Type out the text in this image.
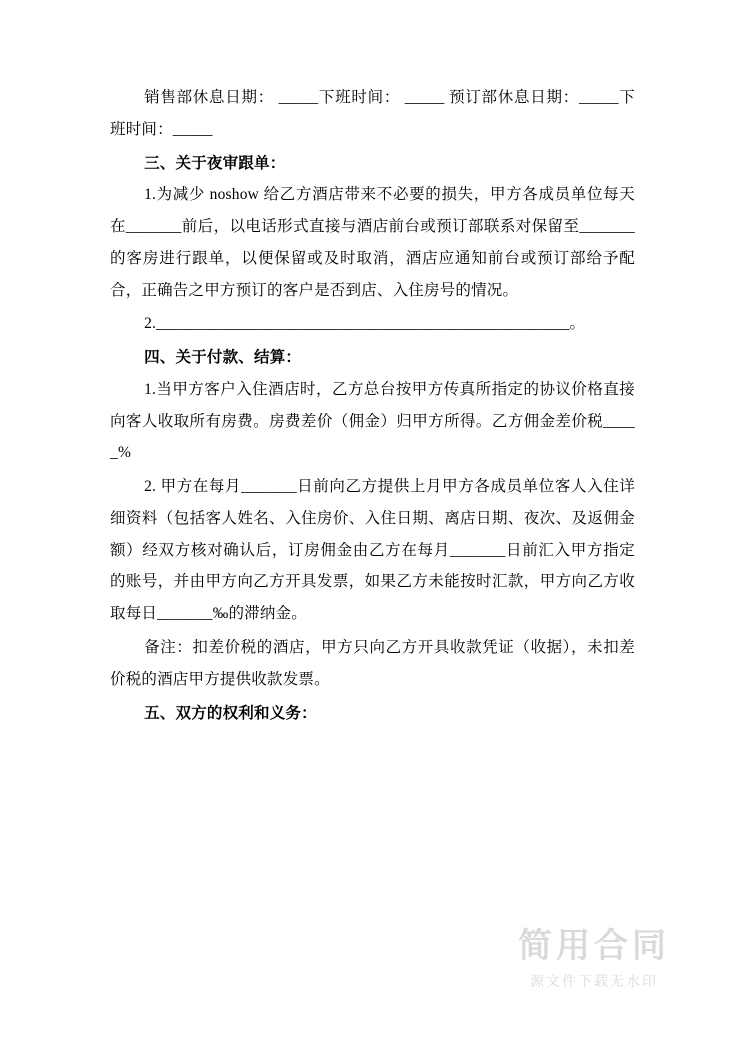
销售部休息日期： _____下班时间： _____ 预订部休息日期：_____下班时间：_____

三、关于夜审跟单：

1.为减少 noshow 给乙方酒店带来不必要的损失，甲方各成员单位每天在_______前后，以电话形式直接与酒店前台或预订部联系对保留至_______的客房进行跟单，以便保留或及时取消，酒店应通知前台或预订部给予配合，正确告之甲方预订的客户是否到店、入住房号的情况。

2.____________________________________________________。

四、关于付款、结算：

1.当甲方客户入住酒店时，乙方总台按甲方传真所指定的协议价格直接向客人收取所有房费。房费差价（佣金）归甲方所得。乙方佣金差价税_____%

2. 甲方在每月_______日前向乙方提供上月甲方各成员单位客人入住详细资料（包括客人姓名、入住房价、入住日期、离店日期、夜次、及返佣金额）经双方核对确认后，订房佣金由乙方在每月_______日前汇入甲方指定的账号，并由甲方向乙方开具发票，如果乙方未能按时汇款，甲方向乙方收取每日_______‰的滞纳金。

备注：扣差价税的酒店，甲方只向乙方开具收款凭证（收据），未扣差价税的酒店甲方提供收款发票。

五、双方的权利和义务：

简用合同
源文件下载无水印
